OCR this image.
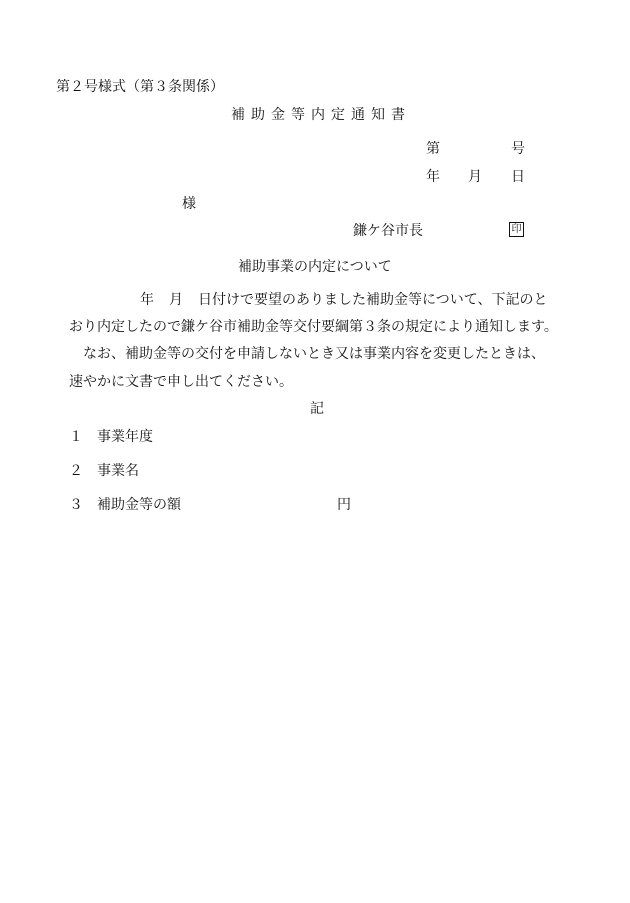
第２号様式（第３条関係）
補助金等内定通知書
第	号
年 月 日
様
鎌ケ谷市長	印
補助事業の内定について
年 月 日付けで要望のありました補助金等について、下記のと
おり内定したので鎌ケ谷市補助金等交付要綱第３条の規定により通知します。
なお、補助金等の交付を申請しないとき又は事業内容を変更したときは、
速やかに文書で申し出てください。
記
１ 事業年度
２ 事業名
３ 補助金等の額	円
